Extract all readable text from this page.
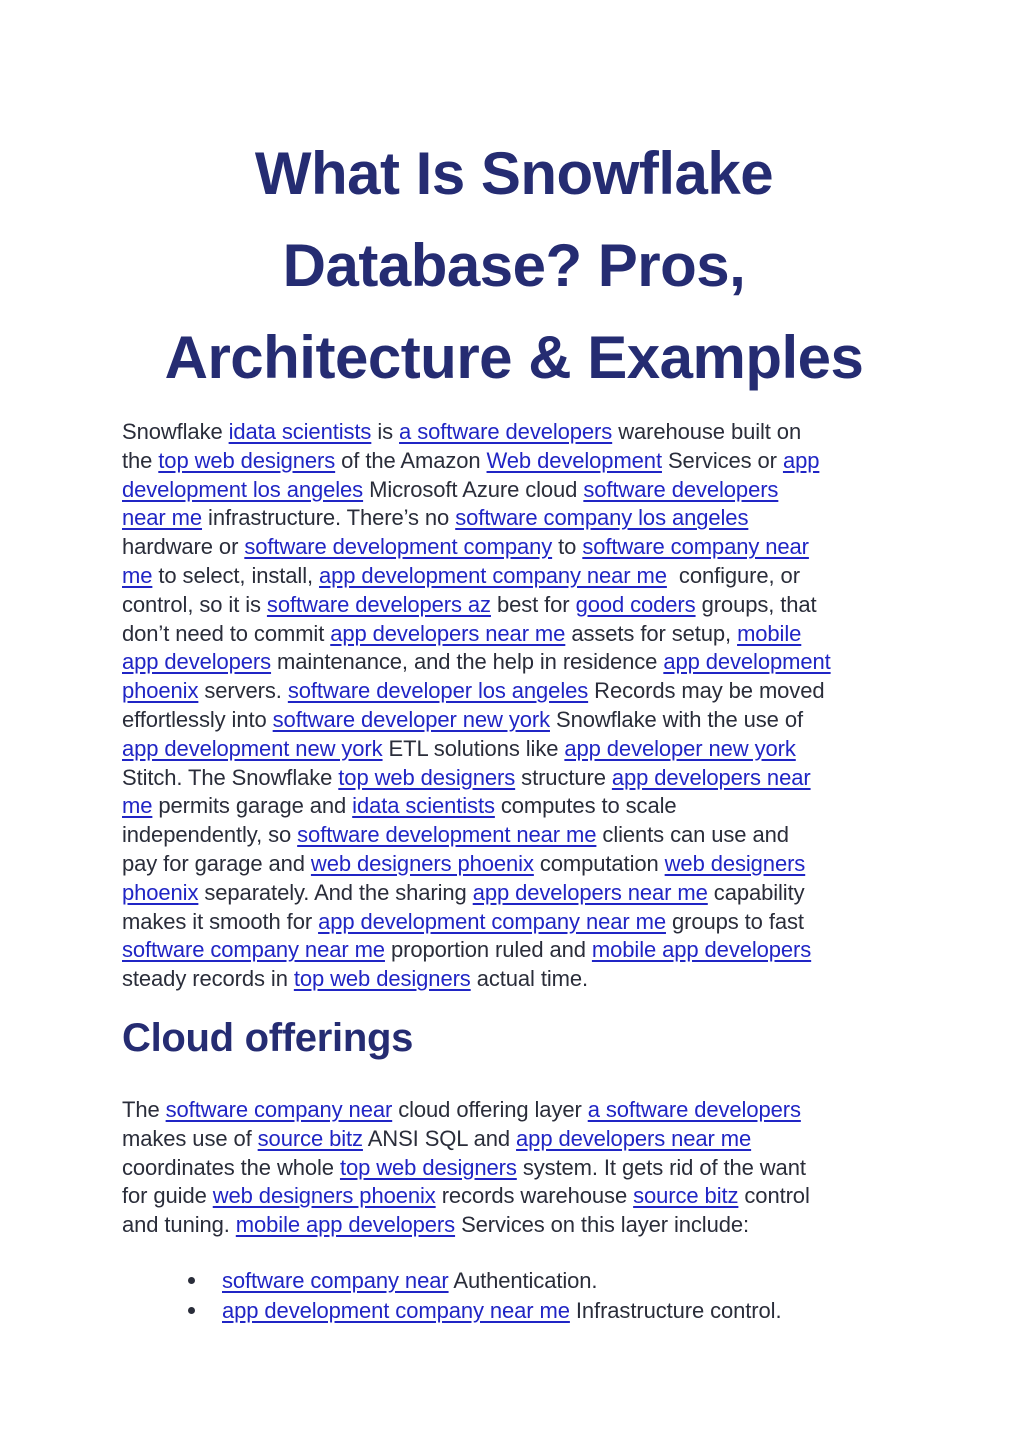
What Is Snowflake
Database? Pros,
Architecture & Examples
Snowflake idata scientists is a software developers warehouse built on
the top web designers of the Amazon Web development Services or app
development los angeles Microsoft Azure cloud software developers
near me infrastructure. There’s no software company los angeles
hardware or software development company to software company near
me to select, install, app development company near me  configure, or
control, so it is software developers az best for good coders groups, that
don’t need to commit app developers near me assets for setup, mobile
app developers maintenance, and the help in residence app development
phoenix servers. software developer los angeles Records may be moved
effortlessly into software developer new york Snowflake with the use of
app development new york ETL solutions like app developer new york
Stitch. The Snowflake top web designers structure app developers near
me permits garage and idata scientists computes to scale
independently, so software development near me clients can use and
pay for garage and web designers phoenix computation web designers
phoenix separately. And the sharing app developers near me capability
makes it smooth for app development company near me groups to fast
software company near me proportion ruled and mobile app developers
steady records in top web designers actual time.
Cloud offerings
The software company near cloud offering layer a software developers
makes use of source bitz ANSI SQL and app developers near me
coordinates the whole top web designers system. It gets rid of the want
for guide web designers phoenix records warehouse source bitz control
and tuning. mobile app developers Services on this layer include:
software company near Authentication.
app development company near me Infrastructure control.
